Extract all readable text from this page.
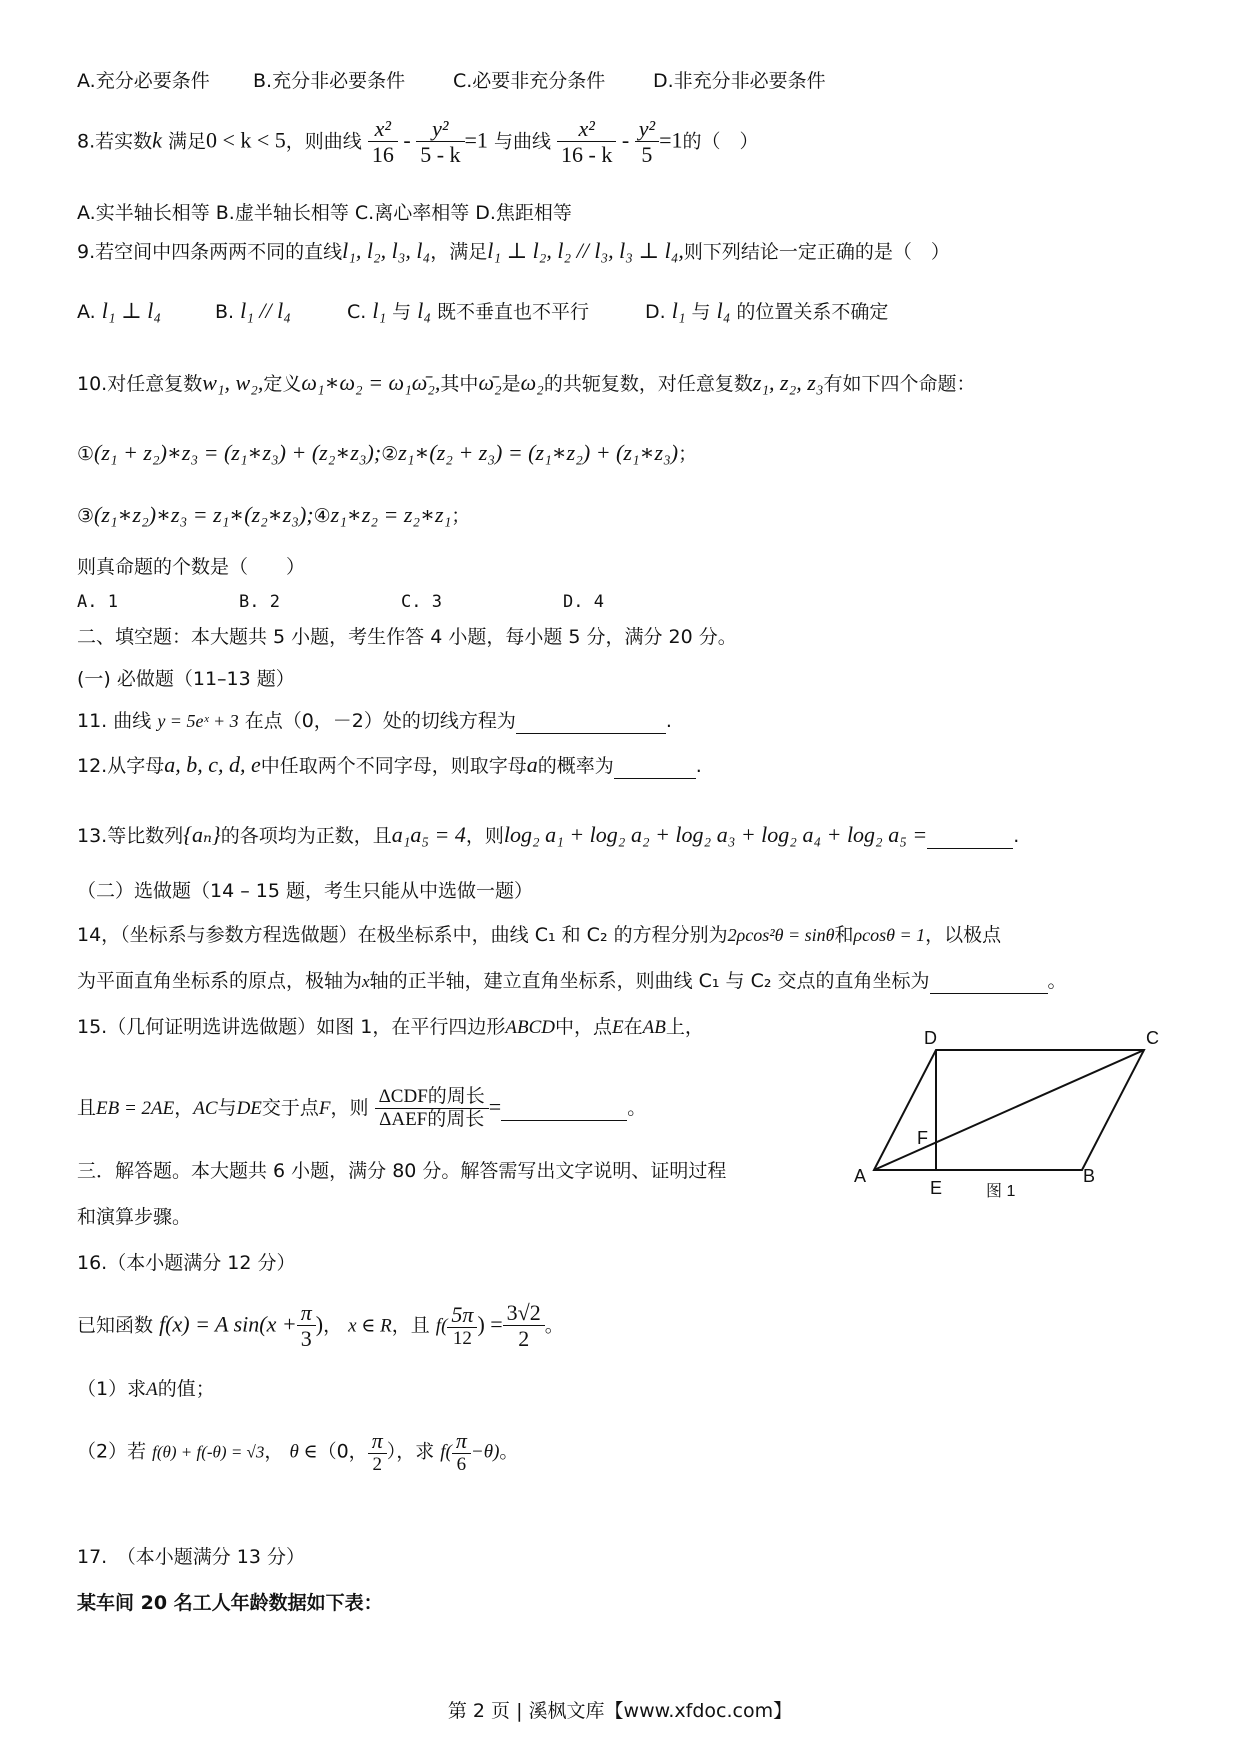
A.充分必要条件 B.充分非必要条件	C.必要非充分条件	D.非充分非必要条件
8.若实数k 满足0 < k < 5，则曲线 $\frac{\text{x²}}{16} - \frac{\text{y²}}{5 - k} =1$ 与曲线 $\frac{\text{x²}}{16 - k} - \frac{\text{y²}}{5} =1$的（　）
A.实半轴长相等 B.虚半轴长相等 C.离心率相等 D.焦距相等
9.若空间中四条两两不同的直线l₁, l₂, l₃, l₄，满足l₁ ⊥ l₂, l₂ // l₃, l₃ ⊥ l₄,则下列结论一定正确的是（　）
A. l₁ ⊥ l₄	B. l₁ // l₄	C. l₁ 与 l₄ 既不垂直也不平行	D. l₁ 与 l₄ 的位置关系不确定
10.对任意复数w₁, w₂,定义ω₁∗ω₂ = ω₁ω̄₂,其中ω̄₂是ω₂的共轭复数，对任意复数z₁, z₂, z₃有如下四个命题：
①(z₁ + z₂)∗z₃ = (z₁∗z₃) + (z₂∗z₃);②z₁∗(z₂ + z₃) = (z₁∗z₂) + (z₁∗z₃)；
③(z₁∗z₂)∗z₃ = z₁∗(z₂∗z₃);④z₁∗z₂ = z₂∗z₁；
则真命题的个数是（　　）
A. 1	B. 2	C. 3	D. 4
二、填空题：本大题共 5 小题，考生作答 4 小题，每小题 5 分，满分 20 分。
(一) 必做题（11–13 题）
11. 曲线 y = 5eˣ + 3 在点（0，－2）处的切线方程为	.
12.从字母a, b, c, d, e中任取两个不同字母，则取字母a的概率为	.
13.等比数列{aₙ}的各项均为正数，且a₁a₅ = 4，则log₂ a₁ + log₂ a₂ + log₂ a₃ + log₂ a₄ + log₂ a₅ =	.
（二）选做题（14 – 15 题，考生只能从中选做一题）
14，（坐标系与参数方程选做题）在极坐标系中，曲线 C₁ 和 C₂ 的方程分别为2ρcos²θ = sinθ和ρcosθ = 1，以极点
为平面直角坐标系的原点，极轴为x轴的正半轴，建立直角坐标系，则曲线 C₁ 与 C₂ 交点的直角坐标为	。
15.（几何证明选讲选做题）如图 1，在平行四边形ABCD中，点E在AB上，
且EB = 2AE，AC与DE交于点F，则 $\frac{\text{ΔCDF的周长}}{\text{ΔAEF的周长}}$ =	。
D	C
A	B
E
F
图 1
三．解答题。本大题共 6 小题，满分 80 分。解答需写出文字说明、证明过程
和演算步骤。
16.（本小题满分 12 分）
已知函数 f(x) = A $\sin(x + \frac{\pi}{3}$ )， x ∈ R，且 $f( \frac{5\pi}{12}$ ) = $\frac{3√2}{2}$ 。
（1）求A的值；
（2）若 f(θ) + f(-θ) = √3， θ ∈（0， $\frac{\pi}{2}$ ），求 $f( \frac{\pi}{6} -\theta)$。
17.　（本小题满分 13 分）
某车间 20 名工人年龄数据如下表：
第 2 页 | 溪枫文库【www.xfdoc.com】
